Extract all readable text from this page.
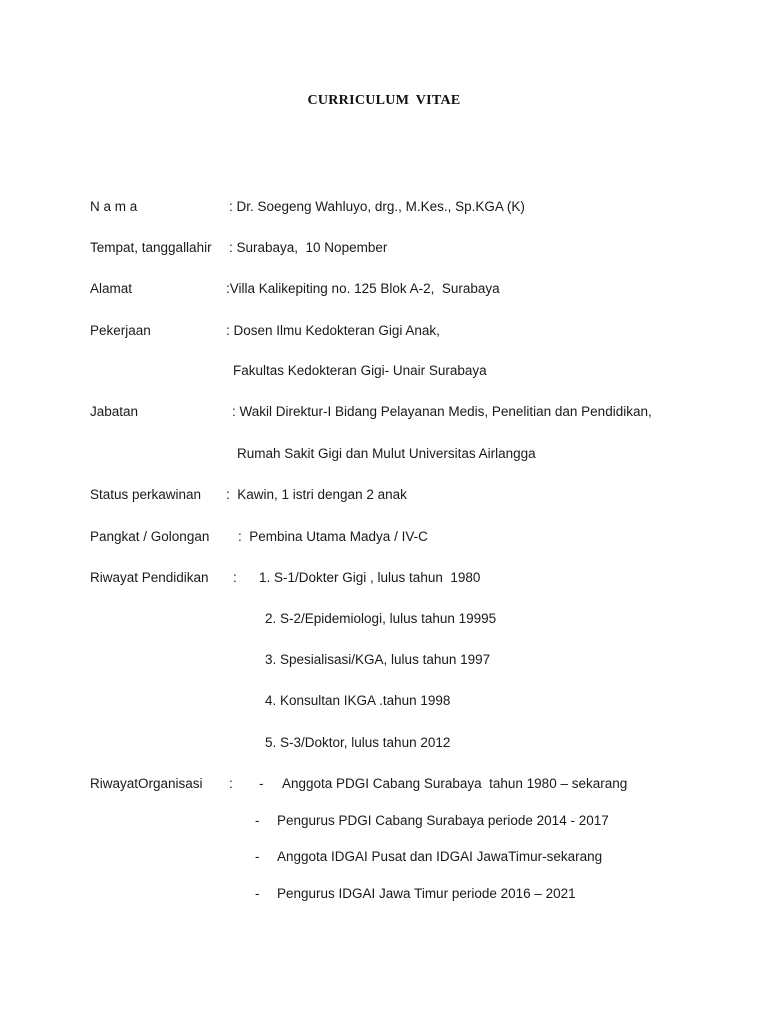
CURRICULUM VITAE
N a m a	: Dr. Soegeng Wahluyo, drg., M.Kes., Sp.KGA (K)
Tempat, tanggallahir : Surabaya,  10 Nopember
Alamat	:Villa Kalikepiting no. 125 Blok A-2,  Surabaya
Pekerjaan	: Dosen Ilmu Kedokteran Gigi Anak,
Fakultas Kedokteran Gigi- Unair Surabaya
Jabatan	: Wakil Direktur-I Bidang Pelayanan Medis, Penelitian dan Pendidikan,
Rumah Sakit Gigi dan Mulut Universitas Airlangga
Status perkawinan :  Kawin, 1 istri dengan 2 anak
Pangkat / Golongan :  Pembina Utama Madya / IV-C
Riwayat Pendidikan : 1. S-1/Dokter Gigi , lulus tahun  1980
2. S-2/Epidemiologi, lulus tahun 19995
3. Spesialisasi/KGA, lulus tahun 1997
4. Konsultan IKGA .tahun 1998
5. S-3/Doktor, lulus tahun 2012
RiwayatOrganisasi : - Anggota PDGI Cabang Surabaya  tahun 1980 – sekarang
- Pengurus PDGI Cabang Surabaya periode 2014 - 2017
- Anggota IDGAI Pusat dan IDGAI JawaTimur-sekarang
- Pengurus IDGAI Jawa Timur periode 2016 – 2021
